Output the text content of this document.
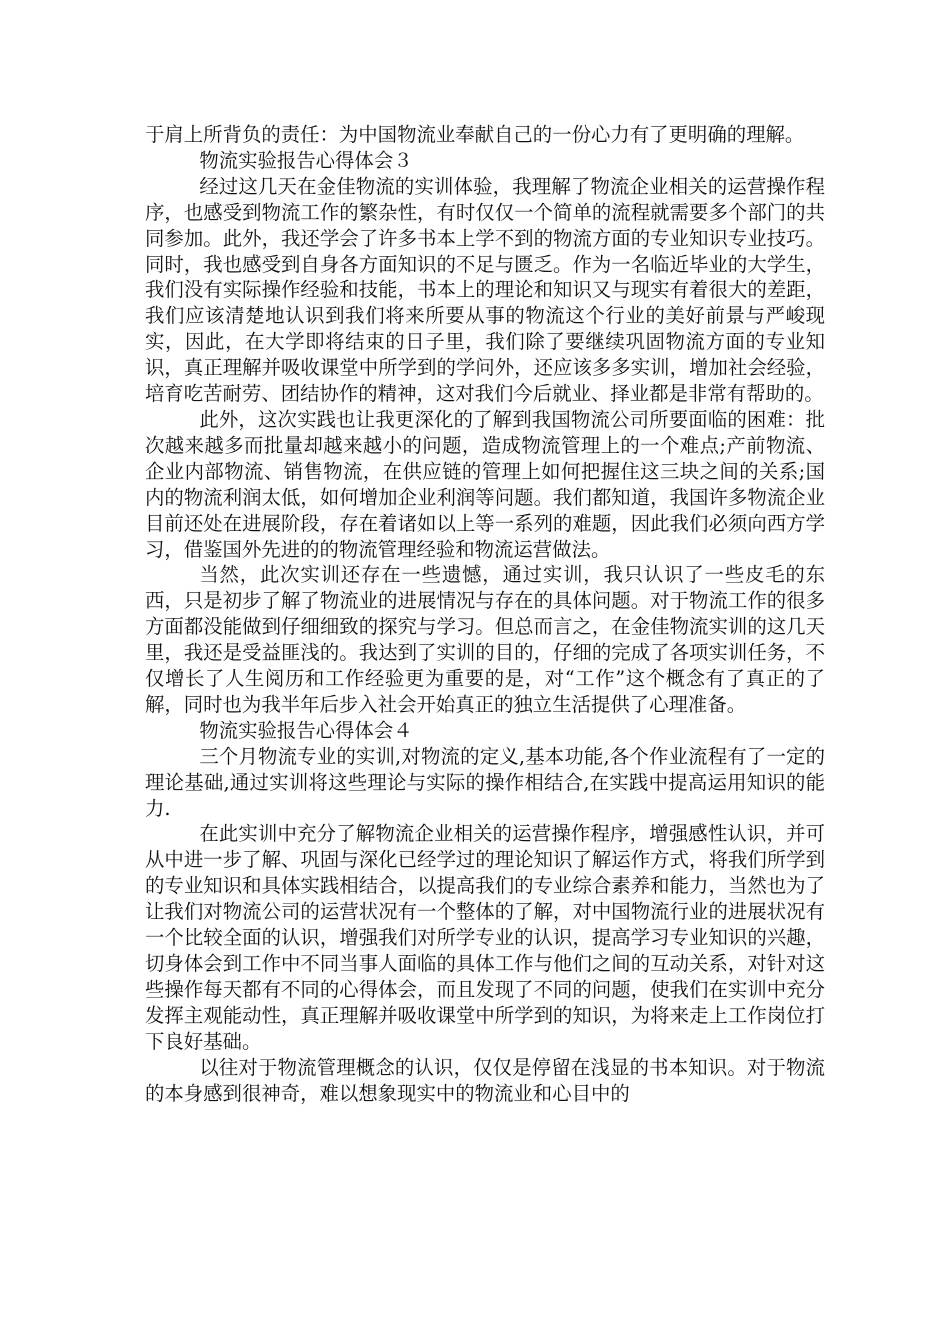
于肩上所背负的责任：为中国物流业奉献自己的一份心力有了更明确的理解。

物流实验报告心得体会３

经过这几天在金佳物流的实训体验，我理解了物流企业相关的运营操作程序，也感受到物流工作的繁杂性，有时仅仅一个简单的流程就需要多个部门的共同参加。此外，我还学会了许多书本上学不到的物流方面的专业知识专业技巧。同时，我也感受到自身各方面知识的不足与匮乏。作为一名临近毕业的大学生，我们没有实际操作经验和技能，书本上的理论和知识又与现实有着很大的差距，我们应该清楚地认识到我们将来所要从事的物流这个行业的美好前景与严峻现实，因此，在大学即将结束的日子里，我们除了要继续巩固物流方面的专业知识，真正理解并吸收课堂中所学到的学问外，还应该多多实训，增加社会经验，培育吃苦耐劳、团结协作的精神，这对我们今后就业、择业都是非常有帮助的。

此外，这次实践也让我更深化的了解到我国物流公司所要面临的困难：批次越来越多而批量却越来越小的问题，造成物流管理上的一个难点;产前物流、企业内部物流、销售物流，在供应链的管理上如何把握住这三块之间的关系;国内的物流利润太低，如何增加企业利润等问题。我们都知道，我国许多物流企业目前还处在进展阶段，存在着诸如以上等一系列的难题，因此我们必须向西方学习，借鉴国外先进的的物流管理经验和物流运营做法。

当然，此次实训还存在一些遗憾，通过实训，我只认识了一些皮毛的东西，只是初步了解了物流业的进展情况与存在的具体问题。对于物流工作的很多方面都没能做到仔细细致的探究与学习。但总而言之，在金佳物流实训的这几天里，我还是受益匪浅的。我达到了实训的目的，仔细的完成了各项实训任务，不仅增长了人生阅历和工作经验更为重要的是，对“工作”这个概念有了真正的了解，同时也为我半年后步入社会开始真正的独立生活提供了心理准备。

物流实验报告心得体会４

三个月物流专业的实训,对物流的定义,基本功能,各个作业流程有了一定的理论基础,通过实训将这些理论与实际的操作相结合,在实践中提高运用知识的能力.

在此实训中充分了解物流企业相关的运营操作程序，增强感性认识，并可从中进一步了解、巩固与深化已经学过的理论知识了解运作方式，将我们所学到的专业知识和具体实践相结合，以提高我们的专业综合素养和能力，当然也为了让我们对物流公司的运营状况有一个整体的了解，对中国物流行业的进展状况有一个比较全面的认识，增强我们对所学专业的认识，提高学习专业知识的兴趣，切身体会到工作中不同当事人面临的具体工作与他们之间的互动关系，对针对这些操作每天都有不同的心得体会，而且发现了不同的问题，使我们在实训中充分发挥主观能动性，真正理解并吸收课堂中所学到的知识，为将来走上工作岗位打下良好基础。

以往对于物流管理概念的认识，仅仅是停留在浅显的书本知识。对于物流的本身感到很神奇，难以想象现实中的物流业和心目中的
